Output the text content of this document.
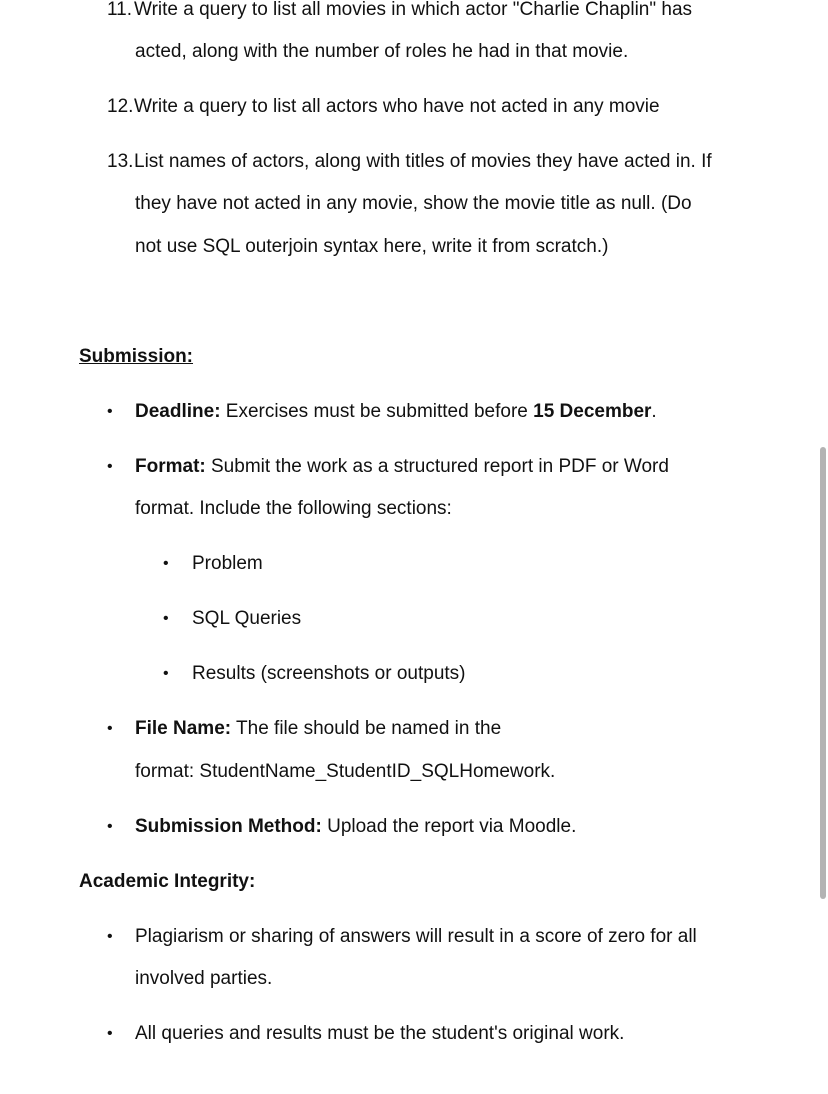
11. Write a query to list all movies in which actor "Charlie Chaplin" has
acted, along with the number of roles he had in that movie.
12. Write a query to list all actors who have not acted in any movie
13. List names of actors, along with titles of movies they have acted in. If
they have not acted in any movie, show the movie title as null. (Do
not use SQL outerjoin syntax here, write it from scratch.)
Submission:
• Deadline: Exercises must be submitted before 15 December.
• Format: Submit the work as a structured report in PDF or Word
format. Include the following sections:
• Problem
• SQL Queries
• Results (screenshots or outputs)
• File Name: The file should be named in the
format: StudentName_StudentID_SQLHomework.
• Submission Method: Upload the report via Moodle.
Academic Integrity:
• Plagiarism or sharing of answers will result in a score of zero for all
involved parties.
• All queries and results must be the student's original work.
